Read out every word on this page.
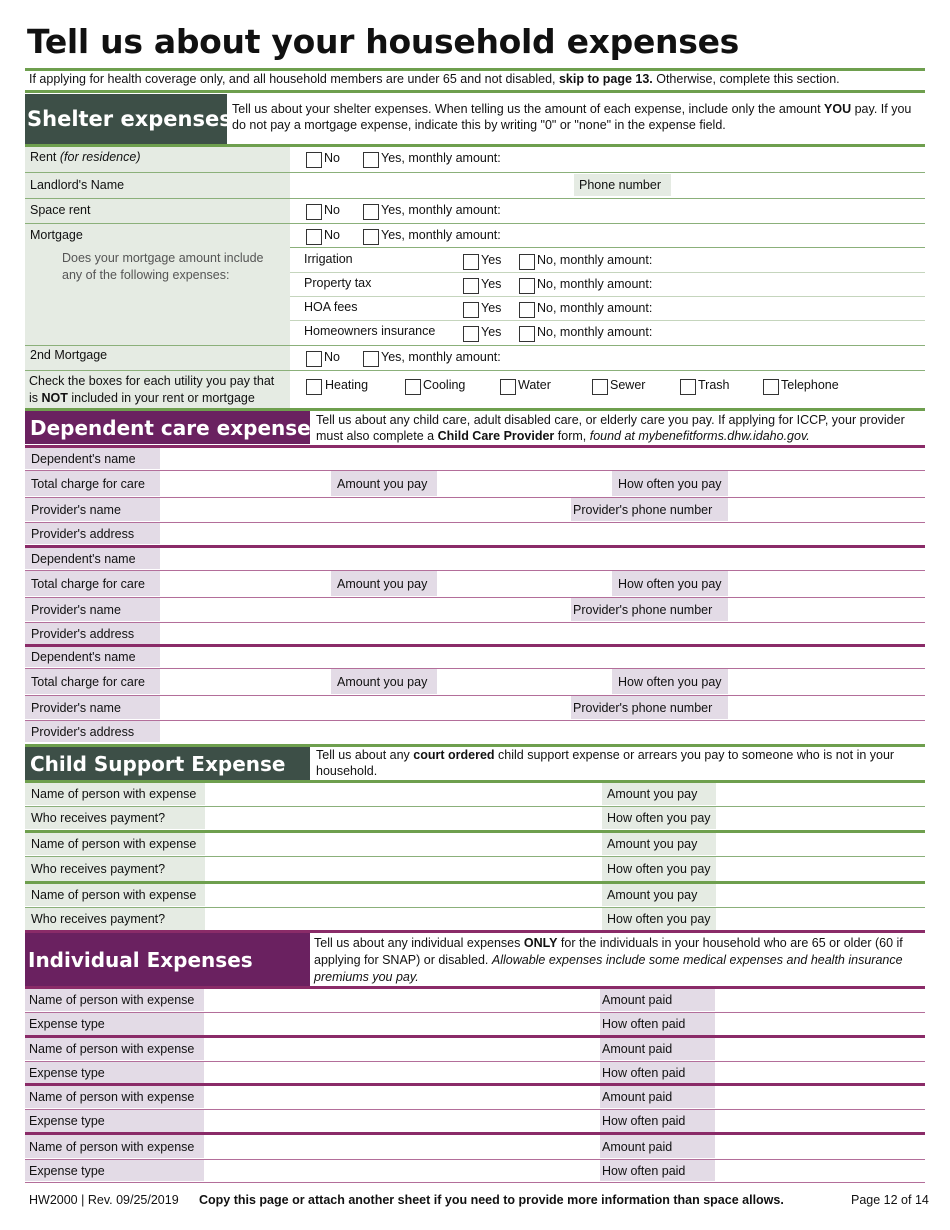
Tell us about your household expenses
If applying for health coverage only, and all household members are under 65 and not disabled, skip to page 13. Otherwise, complete this section.
Shelter expenses Tell us about your shelter expenses. When telling us the amount of each expense, include only the amount YOU pay. If you do not pay a mortgage expense, indicate this by writing "0" or "none" in the expense field.
Rent (for residence)	No	Yes, monthly amount:
Landlord's Name	Phone number
Space rent	No	Yes, monthly amount:
Mortgage	No	Yes, monthly amount:
Does your mortgage amount include any of the following expenses:
Irrigation	Yes	No, monthly amount:
Property tax	Yes	No, monthly amount:
HOA fees	Yes	No, monthly amount:
Homeowners insurance	Yes	No, monthly amount:
2nd Mortgage	No	Yes, monthly amount:
Check the boxes for each utility you pay that
is NOT included in your rent or mortgage
Heating	Cooling	Water	Sewer	Trash	Telephone
Dependent care expenses
Tell us about any child care, adult disabled care, or elderly care you pay. If applying for ICCP, your provider must also complete a Child Care Provider form, found at mybenefitforms.dhw.idaho.gov.
Dependent's name
Total charge for care	Amount you pay	How often you pay
Provider's name	Provider's phone number
Provider's address
Dependent's name
Total charge for care	Amount you pay	How often you pay
Provider's name	Provider's phone number
Provider's address
Dependent's name
Total charge for care	Amount you pay	How often you pay
Provider's name	Provider's phone number
Provider's address
Child Support Expense	Tell us about any court ordered child support expense or arrears you pay to someone who is not in your household.
Name of person with expense	Amount you pay
Who receives payment?	How often you pay
Name of person with expense	Amount you pay
Who receives payment?	How often you pay
Name of person with expense	Amount you pay
Who receives payment?	How often you pay
Individual Expenses
Tell us about any individual expenses ONLY for the individuals in your household who are 65 or older (60 if applying for SNAP) or disabled. Allowable expenses include some medical expenses and health insurance premiums you pay.
Name of person with expense	Amount paid
Expense type	How often paid
Name of person with expense	Amount paid
Expense type	How often paid
Name of person with expense	Amount paid
Expense type	How often paid
Name of person with expense	Amount paid
Expense type	How often paid
HW2000 | Rev. 09/25/2019 Copy this page or attach another sheet if you need to provide more information than space allows.	Page 12 of 14
